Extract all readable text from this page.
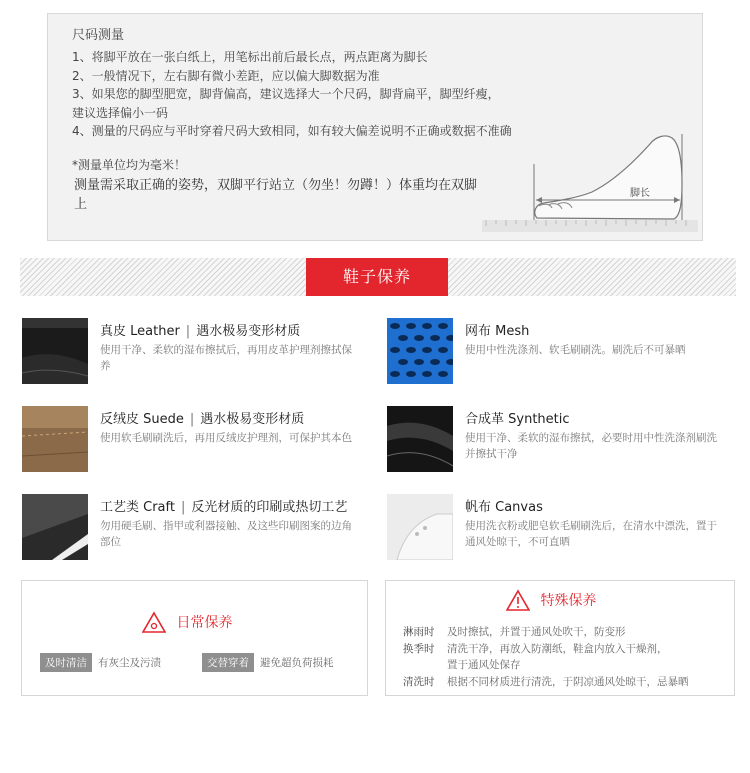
尺码测量
1、将脚平放在一张白纸上，用笔标出前后最长点，两点距离为脚长
2、一般情况下，左右脚有微小差距，应以偏大脚数据为准
3、如果您的脚型肥宽，脚背偏高，建议选择大一个尺码，脚背扁平，脚型纤瘦，
建议选择偏小一码
4、测量的尺码应与平时穿着尺码大致相同，如有较大偏差说明不正确或数据不准确
*测量单位均为毫米！
测量需采取正确的姿势，双脚平行站立（勿坐！勿蹲！）体重均在双脚上
脚长
鞋子保养
真皮 Leather | 遇水极易变形材质
使用干净、柔软的湿布擦拭后，再用皮革护理剂擦拭保养
网布 Mesh
使用中性洗涤剂、软毛刷刷洗。刷洗后不可暴晒
反绒皮 Suede | 遇水极易变形材质
使用软毛刷刷洗后，再用反绒皮护理剂，可保护其本色
合成革 Synthetic
使用干净、柔软的湿布擦拭，必要时用中性洗涤剂刷洗并擦拭干净
工艺类 Craft | 反光材质的印刷或热切工艺
勿用硬毛刷、指甲或利器接触、及这些印刷图案的边角部位
帆布 Canvas
使用洗衣粉或肥皂软毛刷刷洗后，在清水中漂洗，置于通风处晾干，不可直晒
日常保养
及时清洁 有灰尘及污渍	交替穿着 避免超负荷损耗
特殊保养
淋雨时 及时擦拭，并置于通风处吹干，防变形
换季时 清洗干净，再放入防潮纸，鞋盒内放入干燥剂，
置于通风处保存
清洗时 根据不同材质进行清洗，于阴凉通风处晾干，忌暴晒
